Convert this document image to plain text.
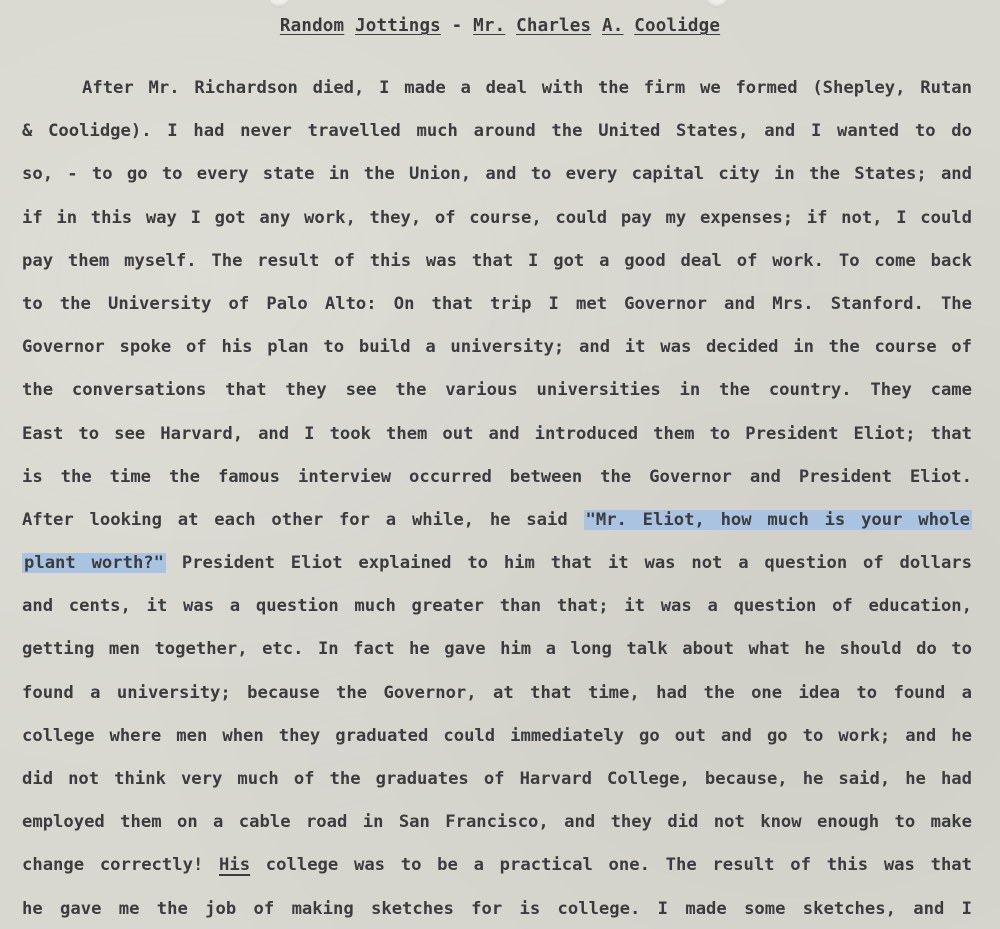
Random Jottings - Mr. Charles A. Coolidge
After Mr. Richardson died, I made a deal with the firm we formed (Shepley, Rutan
& Coolidge). I had never travelled much around the United States, and I wanted to do
so, - to go to every state in the Union, and to every capital city in the States; and
if in this way I got any work, they, of course, could pay my expenses; if not, I could
pay them myself. The result of this was that I got a good deal of work. To come back
to the University of Palo Alto: On that trip I met Governor and Mrs. Stanford. The
Governor spoke of his plan to build a university; and it was decided in the course of
the conversations that they see the various universities in the country. They came
East to see Harvard, and I took them out and introduced them to President Eliot; that
is the time the famous interview occurred between the Governor and President Eliot.
After looking at each other for a while, he said "Mr. Eliot, how much is your whole
plant worth?" President Eliot explained to him that it was not a question of dollars
and cents, it was a question much greater than that; it was a question of education,
getting men together, etc. In fact he gave him a long talk about what he should do to
found a university; because the Governor, at that time, had the one idea to found a
college where men when they graduated could immediately go out and go to work; and he
did not think very much of the graduates of Harvard College, because, he said, he had
employed them on a cable road in San Francisco, and they did not know enough to make
change correctly! His college was to be a practical one. The result of this was that
he gave me the job of making sketches for is college. I made some sketches, and I
